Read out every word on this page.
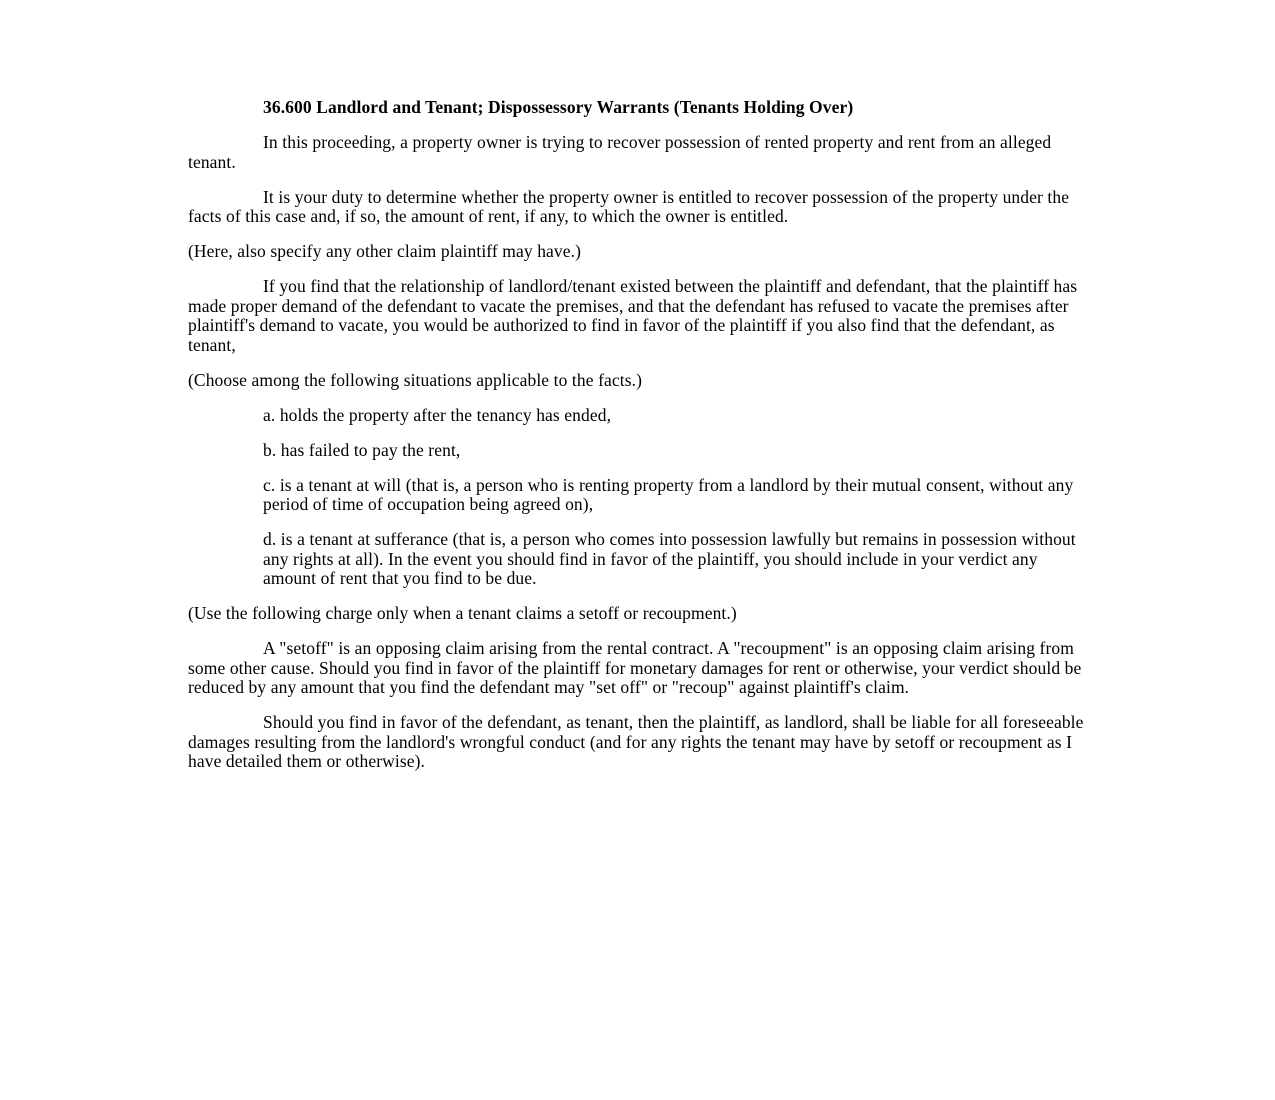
36.600 Landlord and Tenant; Dispossessory Warrants (Tenants Holding Over)

In this proceeding, a property owner is trying to recover possession of rented property and rent from an alleged tenant.

It is your duty to determine whether the property owner is entitled to recover possession of the property under the facts of this case and, if so, the amount of rent, if any, to which the owner is entitled.

(Here, also specify any other claim plaintiff may have.)

If you find that the relationship of landlord/tenant existed between the plaintiff and defendant, that the plaintiff has made proper demand of the defendant to vacate the premises, and that the defendant has refused to vacate the premises after plaintiff's demand to vacate, you would be authorized to find in favor of the plaintiff if you also find that the defendant, as tenant,

(Choose among the following situations applicable to the facts.)

a. holds the property after the tenancy has ended,

b. has failed to pay the rent,

c. is a tenant at will (that is, a person who is renting property from a landlord by their mutual consent, without any period of time of occupation being agreed on),

d. is a tenant at sufferance (that is, a person who comes into possession lawfully but remains in possession without any rights at all). In the event you should find in favor of the plaintiff, you should include in your verdict any amount of rent that you find to be due.

(Use the following charge only when a tenant claims a setoff or recoupment.)

A "setoff" is an opposing claim arising from the rental contract. A "recoupment" is an opposing claim arising from some other cause. Should you find in favor of the plaintiff for monetary damages for rent or otherwise, your verdict should be reduced by any amount that you find the defendant may "set off" or "recoup" against plaintiff's claim.

Should you find in favor of the defendant, as tenant, then the plaintiff, as landlord, shall be liable for all foreseeable damages resulting from the landlord's wrongful conduct (and for any rights the tenant may have by setoff or recoupment as I have detailed them or otherwise).
